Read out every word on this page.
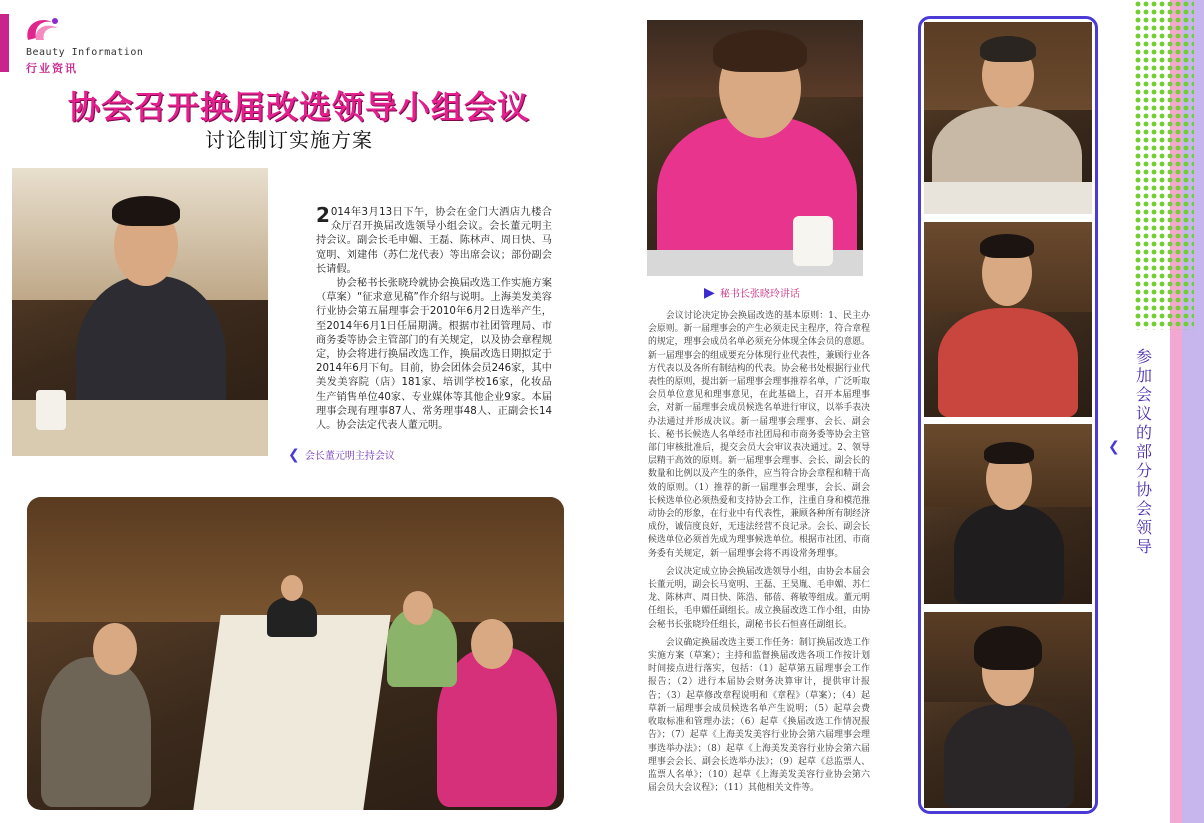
Beauty Information
行业资讯
协会召开换届改选领导小组会议
讨论制订实施方案

2 014年3月13日下午，协会在金门大酒店九楼合众厅召开换届改选领导小组会议。会长董元明主持会议。副会长毛申媚、王磊、陈林声、周日快、马宽明、刘建伟（苏仁龙代表）等出席会议；部份副会长请假。

协会秘书长张晓玲就协会换届改选工作实施方案（草案）“征求意见稿”作介绍与说明。上海美发美容行业协会第五届理事会于2010年6月2日选举产生，至2014年6月1日任届期满。根据市社团管理局、市商务委等协会主管部门的有关规定，以及协会章程规定，协会将进行换届改选工作，换届改选日期拟定于2014年6月下旬。目前，协会团体会员246家，其中美发美容院（店）181家、培训学校16家，化妆品生产销售单位40家、专业媒体等其他企业9家。本届理事会现有理事87人、常务理事48人、正副会长14人。协会法定代表人董元明。

❮ 会长董元明主持会议
▶ 秘书长张晓玲讲话

会议讨论决定协会换届改选的基本原则：1、民主办会原则。新一届理事会的产生必须走民主程序，符合章程的规定，理事会成员名单必须充分体现全体会员的意愿。新一届理事会的组成要充分体现行业代表性，兼顾行业各方代表以及各所有制结构的代表。协会秘书处根据行业代表性的原则，提出新一届理事会理事推荐名单，广泛听取会员单位意见和理事意见，在此基础上，召开本届理事会，对新一届理事会成员候选名单进行审议，以举手表决办法通过并形成决议。新一届理事会理事、会长、副会长、秘书长候选人名单经市社团局和市商务委等协会主管部门审核批准后，提交会员大会审议表决通过。2、领导层精干高效的原则。新一届理事会理事、会长、副会长的数量和比例以及产生的条件，应当符合协会章程和精干高效的原则。（1）推荐的新一届理事会理事，会长、副会长候选单位必须热爱和支持协会工作，注重自身和模范推动协会的形象，在行业中有代表性，兼顾各种所有制经济成份，诚信度良好，无违法经营不良记录。会长、副会长候选单位必须首先成为理事候选单位。根据市社团、市商务委有关规定，新一届理事会将不再设常务理事。

会议决定成立协会换届改选领导小组，由协会本届会长董元明，副会长马宽明、王磊、王昊胤、毛申媚、苏仁龙、陈林声、周日快、陈浩、郁蓓、蒋敏等组成。董元明任组长，毛申媚任副组长。成立换届改选工作小组，由协会秘书长张晓玲任组长，副秘书长石恒喜任副组长。

会议确定换届改选主要工作任务：制订换届改选工作实施方案（草案）；主持和监督换届改选各项工作按计划时间接点进行落实，包括：（1）起草第五届理事会工作报告；（2）进行本届协会财务决算审计，提供审计报告；（3）起草修改章程说明和《章程》（草案）；（4）起草新一届理事会成员候选名单产生说明；（5）起草会费收取标准和管理办法；（6）起草《换届改选工作情况报告》；（7）起草《上海美发美容行业协会第六届理事会理事选举办法》；（8）起草《上海美发美容行业协会第六届理事会会长、副会长选举办法》；（9）起草《总监票人、监票人名单》；（10）起草《上海美发美容行业协会第六届会员大会议程》；（11）其他相关文件等。

❮
参加会议的部分协会领导
